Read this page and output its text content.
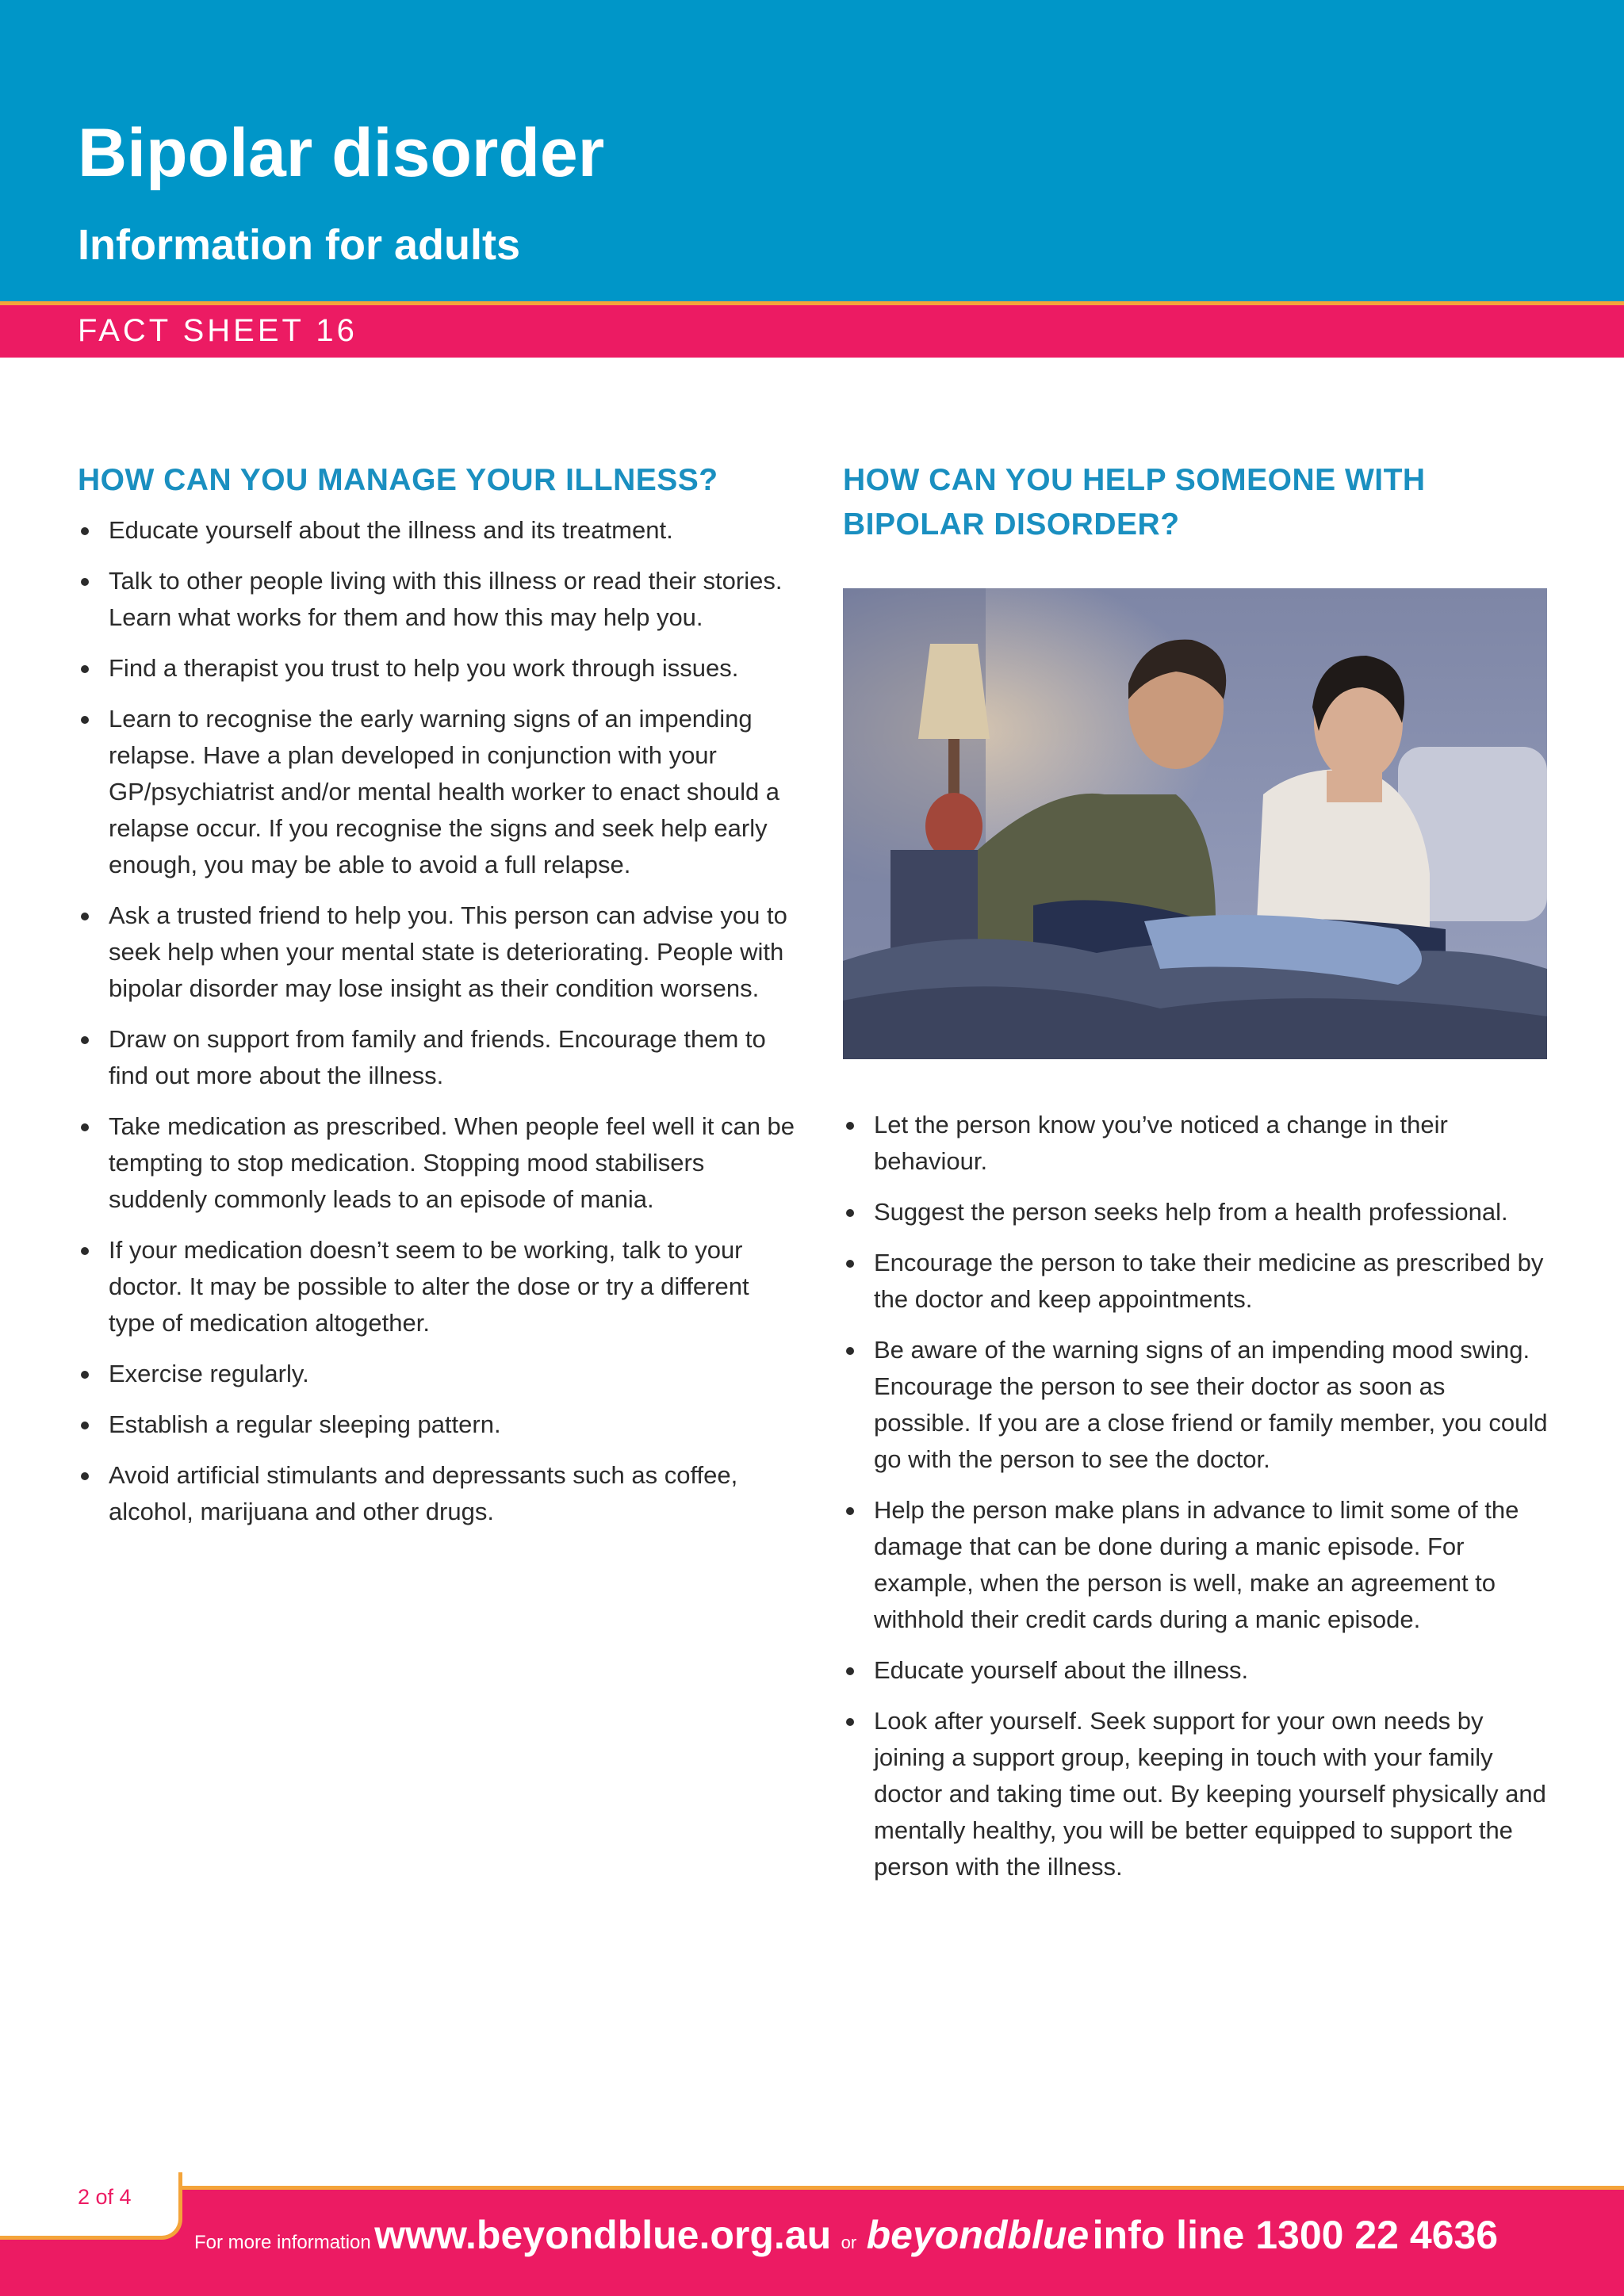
Bipolar disorder
Information for adults
FACT SHEET 16
HOW CAN YOU MANAGE YOUR ILLNESS?
Educate yourself about the illness and its treatment.
Talk to other people living with this illness or read their stories. Learn what works for them and how this may help you.
Find a therapist you trust to help you work through issues.
Learn to recognise the early warning signs of an impending relapse. Have a plan developed in conjunction with your GP/psychiatrist and/or mental health worker to enact should a relapse occur. If you recognise the signs and seek help early enough, you may be able to avoid a full relapse.
Ask a trusted friend to help you. This person can advise you to seek help when your mental state is deteriorating. People with bipolar disorder may lose insight as their condition worsens.
Draw on support from family and friends. Encourage them to find out more about the illness.
Take medication as prescribed. When people feel well it can be tempting to stop medication. Stopping mood stabilisers suddenly commonly leads to an episode of mania.
If your medication doesn’t seem to be working, talk to your doctor. It may be possible to alter the dose or try a different type of medication altogether.
Exercise regularly.
Establish a regular sleeping pattern.
Avoid artificial stimulants and depressants such as coffee, alcohol, marijuana and other drugs.
HOW CAN YOU HELP SOMEONE WITH BIPOLAR DISORDER?
Let the person know you’ve noticed a change in their behaviour.
Suggest the person seeks help from a health professional.
Encourage the person to take their medicine as prescribed by the doctor and keep appointments.
Be aware of the warning signs of an impending mood swing. Encourage the person to see their doctor as soon as possible. If you are a close friend or family member, you could go with the person to see the doctor.
Help the person make plans in advance to limit some of the damage that can be done during a manic episode. For example, when the person is well, make an agreement to withhold their credit cards during a manic episode.
Educate yourself about the illness.
Look after yourself. Seek support for your own needs by joining a support group, keeping in touch with your family doctor and taking time out. By keeping yourself physically and mentally healthy, you will be better equipped to support the person with the illness.
2 of 4
For more information www.beyondblue.org.au or beyondblue info line 1300 22 4636
